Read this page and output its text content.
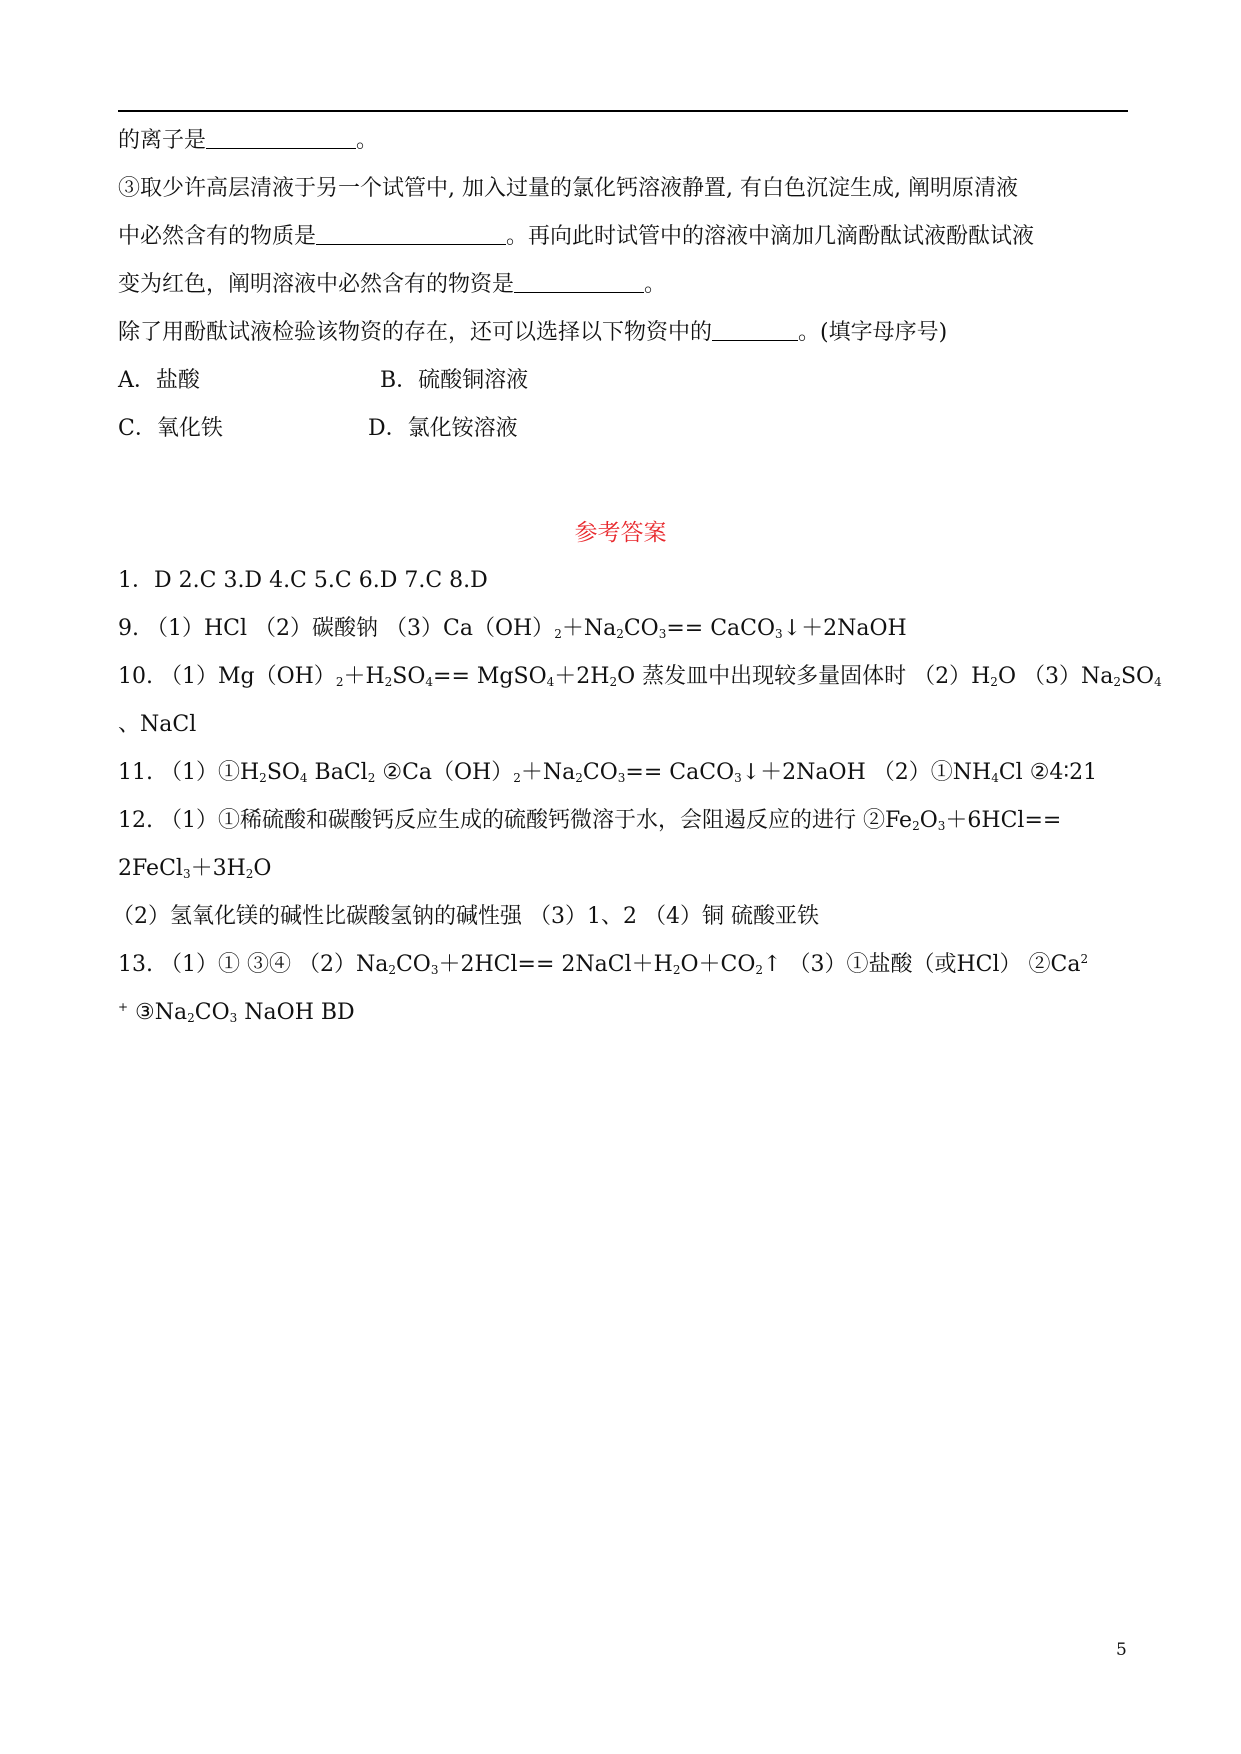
的离子是	。
③取少许高层清液于另一个试管中, 加入过量的氯化钙溶液静置, 有白色沉淀生成, 阐明原清液
中必然含有的物质是	。再向此时试管中的溶液中滴加几滴酚酞试液酚酞试液
变为红色，阐明溶液中必然含有的物资是	。
除了用酚酞试液检验该物资的存在，还可以选择以下物资中的	。(填字母序号)
A．盐酸	B．硫酸铜溶液
C．氧化铁	D．氯化铵溶液
参考答案
1．D 2.C 3.D 4.C 5.C 6.D 7.C 8.D
9. （1）HCl （2）碳酸钠 $(3)Ca(OH)_2+Na_2CO_3==$ CaCO$_3$↓＋2NaOH
10. $(1)Mg(OH)_2+H_2SO_4==$ $MgSO_4+2H_2O$ 蒸发皿中出现较多量固体时 $(2)H_2O$ $(3)Na_2SO_4$
、NaCl
11. $(1)①H_2SO_4$ BaCl$_2$ $②Ca(OH)_2+Na_2CO_3==$ CaCO$_3$↓＋2NaOH $(2)①NH_4Cl$ ②4∶21
12. （1）①稀硫酸和碳酸钙反应生成的硫酸钙微溶于水，会阻遏反应的进行 $②Fe_2O_3+6HCl==$
$2FeCl_3+3H_2O$
（2）氢氧化镁的碱性比碳酸氢钠的碱性强 （3）1、2 （4）铜 硫酸亚铁
13. （1）① ③④ $(2)Na_2CO_3+2HCl==$ $2NaCl+H_2O+CO_2↑$ （3）①盐酸（或HCl） ②Ca$^2$
+ $③Na_2CO_3$ NaOH BD
5
